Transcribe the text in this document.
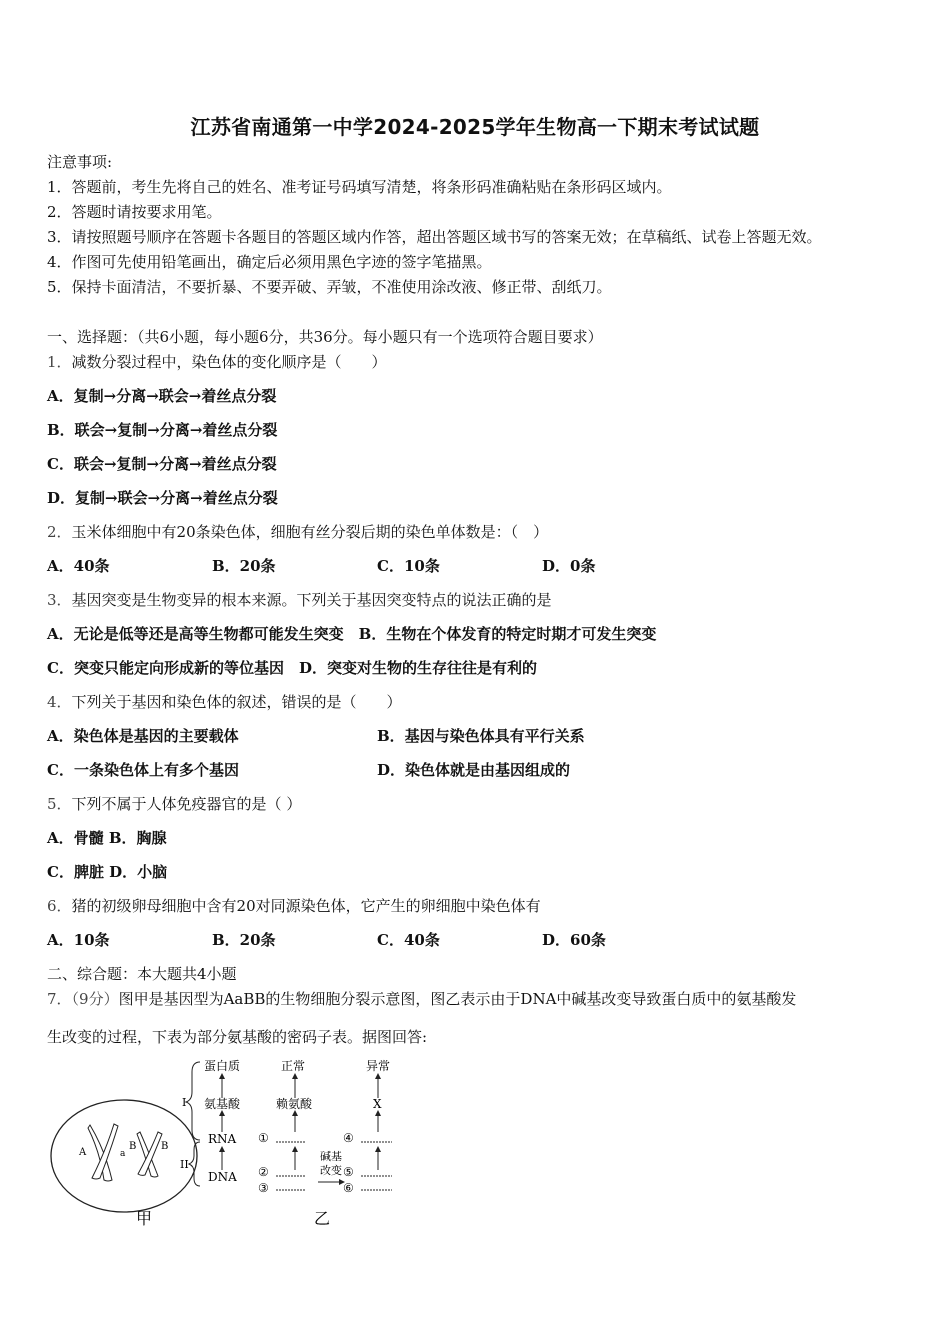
江苏省南通第一中学2024-2025学年生物高一下期末考试试题
注意事项:
1．答题前，考生先将自己的姓名、准考证号码填写清楚，将条形码准确粘贴在条形码区域内。
2．答题时请按要求用笔。
3．请按照题号顺序在答题卡各题目的答题区域内作答，超出答题区域书写的答案无效；在草稿纸、试卷上答题无效。
4．作图可先使用铅笔画出，确定后必须用黑色字迹的签字笔描黑。
5．保持卡面清洁，不要折暴、不要弄破、弄皱，不准使用涂改液、修正带、刮纸刀。
一、选择题：（共6小题，每小题6分，共36分。每小题只有一个选项符合题目要求）
1．减数分裂过程中，染色体的变化顺序是（　　）
A．复制→分离→联会→着丝点分裂
B．联会→复制→分离→着丝点分裂
C．联会→复制→分离→着丝点分裂
D．复制→联会→分离→着丝点分裂
2．玉米体细胞中有20条染色体，细胞有丝分裂后期的染色单体数是：（　）
A．40条	B．20条	C．10条	D．0条
3．基因突变是生物变异的根本来源。下列关于基因突变特点的说法正确的是
A．无论是低等还是高等生物都可能发生突变　B．生物在个体发育的特定时期才可发生突变
C．突变只能定向形成新的等位基因　D．突变对生物的生存往往是有利的
4．下列关于基因和染色体的叙述，错误的是（　　）
A．染色体是基因的主要载体	B．基因与染色体具有平行关系
C．一条染色体上有多个基因	D．染色体就是由基因组成的
5．下列不属于人体免疫器官的是（ ）
A．骨髓 B．胸腺
C．脾脏 D．小脑
6．猪的初级卵母细胞中含有20对同源染色体，它产生的卵细胞中染色体有
A．10条	B．20条	C．40条	D．60条
二、综合题：本大题共4小题
7．（9分）图甲是基因型为AaBB的生物细胞分裂示意图，图乙表示由于DNA中碱基改变导致蛋白质中的氨基酸发
生改变的过程，下表为部分氨基酸的密码子表。据图回答:
A	a
B B
甲
蛋白质
氨基酸
RNA
DNA
I
II
正常
赖氨酸
①
②
③
碱基
改变
异常
X
④
⑤
⑥
乙
